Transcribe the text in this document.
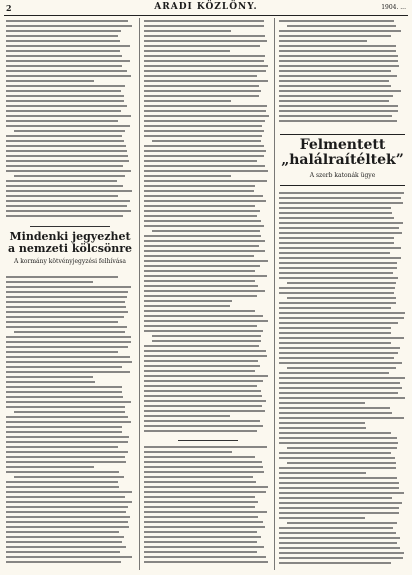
2	ARADI KÖZLÖNY.	1904. ...
Mindenki jegyezhet a nemzeti kölcsönre
A kormány kötvényjegyzési felhívása
Felmentett „halálraítéltek”
A szerb katonák ügye
